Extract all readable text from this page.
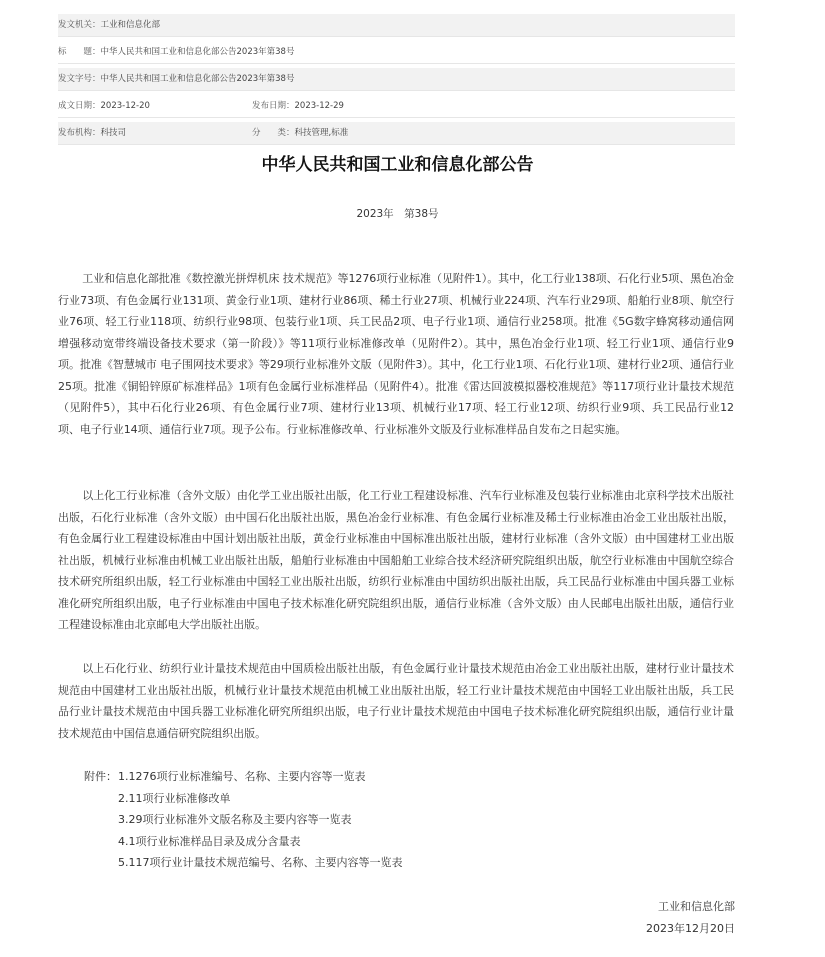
发文机关： 工业和信息化部
标　　题： 中华人民共和国工业和信息化部公告2023年第38号
发文字号： 中华人民共和国工业和信息化部公告2023年第38号
成文日期： 2023-12-20	发布日期： 2023-12-29
发布机构： 科技司	分　　类： 科技管理,标准
中华人民共和国工业和信息化部公告
2023年　第38号
工业和信息化部批准《数控激光拼焊机床 技术规范》等1276项行业标准（见附件1）。其中，化工行业138项、石化行业5项、黑色冶金行业73项、有色金属行业131项、黄金行业1项、建材行业86项、稀土行业27项、机械行业224项、汽车行业29项、船舶行业8项、航空行业76项、轻工行业118项、纺织行业98项、包装行业1项、兵工民品2项、电子行业1项、通信行业258项。批准《5G数字蜂窝移动通信网 增强移动宽带终端设备技术要求（第一阶段）》等11项行业标准修改单（见附件2）。其中，黑色冶金行业1项、轻工行业1项、通信行业9项。批准《智慧城市 电子围网技术要求》等29项行业标准外文版（见附件3）。其中，化工行业1项、石化行业1项、建材行业2项、通信行业25项。批准《铜铅锌原矿标准样品》1项有色金属行业标准样品（见附件4）。批准《雷达回波模拟器校准规范》等117项行业计量技术规范（见附件5），其中石化行业26项、有色金属行业7项、建材行业13项、机械行业17项、轻工行业12项、纺织行业9项、兵工民品行业12项、电子行业14项、通信行业7项。现予公布。行业标准修改单、行业标准外文版及行业标准样品自发布之日起实施。
以上化工行业标准（含外文版）由化学工业出版社出版，化工行业工程建设标准、汽车行业标准及包装行业标准由北京科学技术出版社出版，石化行业标准（含外文版）由中国石化出版社出版，黑色冶金行业标准、有色金属行业标准及稀土行业标准由冶金工业出版社出版，有色金属行业工程建设标准由中国计划出版社出版，黄金行业标准由中国标准出版社出版，建材行业标准（含外文版）由中国建材工业出版社出版，机械行业标准由机械工业出版社出版，船舶行业标准由中国船舶工业综合技术经济研究院组织出版，航空行业标准由中国航空综合技术研究所组织出版，轻工行业标准由中国轻工业出版社出版，纺织行业标准由中国纺织出版社出版，兵工民品行业标准由中国兵器工业标准化研究所组织出版，电子行业标准由中国电子技术标准化研究院组织出版，通信行业标准（含外文版）由人民邮电出版社出版，通信行业工程建设标准由北京邮电大学出版社出版。
以上石化行业、纺织行业计量技术规范由中国质检出版社出版，有色金属行业计量技术规范由冶金工业出版社出版，建材行业计量技术规范由中国建材工业出版社出版，机械行业计量技术规范由机械工业出版社出版，轻工行业计量技术规范由中国轻工业出版社出版，兵工民品行业计量技术规范由中国兵器工业标准化研究所组织出版，电子行业计量技术规范由中国电子技术标准化研究院组织出版，通信行业计量技术规范由中国信息通信研究院组织出版。
附件： 1.1276项行业标准编号、名称、主要内容等一览表
2.11项行业标准修改单
3.29项行业标准外文版名称及主要内容等一览表
4.1项行业标准样品目录及成分含量表
5.117项行业计量技术规范编号、名称、主要内容等一览表
工业和信息化部
2023年12月20日
